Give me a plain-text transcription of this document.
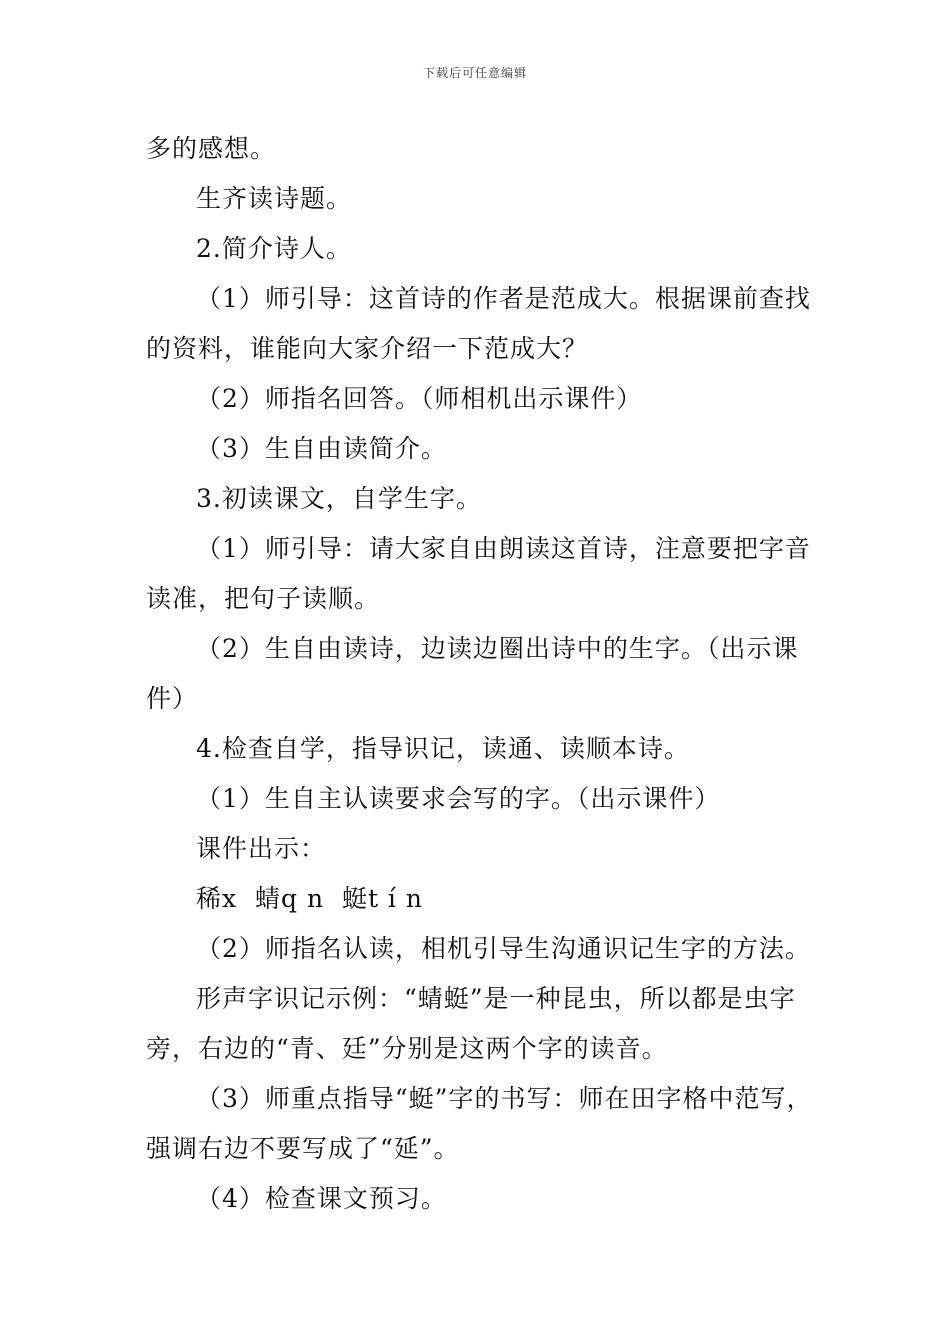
下载后可任意编辑

多的感想。

生齐读诗题。

2.简介诗人。

（1）师引导：这首诗的作者是范成大。根据课前查找的资料，谁能向大家介绍一下范成大？

（2）师指名回答。（师相机出示课件）

（3）生自由读简介。

3.初读课文，自学生字。

（1）师引导：请大家自由朗读这首诗，注意要把字音读准，把句子读顺。

（2）生自由读诗，边读边圈出诗中的生字。（出示课件）

4.检查自学，指导识记，读通、读顺本诗。

（1）生自主认读要求会写的字。（出示课件）

课件出示：

稀x  蜻q n  蜓t í n

（2）师指名认读，相机引导生沟通识记生字的方法。

形声字识记示例：“蜻蜓”是一种昆虫，所以都是虫字旁，右边的“青、廷”分别是这两个字的读音。

（3）师重点指导“蜓”字的书写：师在田字格中范写，强调右边不要写成了“延”。

（4）检查课文预习。
